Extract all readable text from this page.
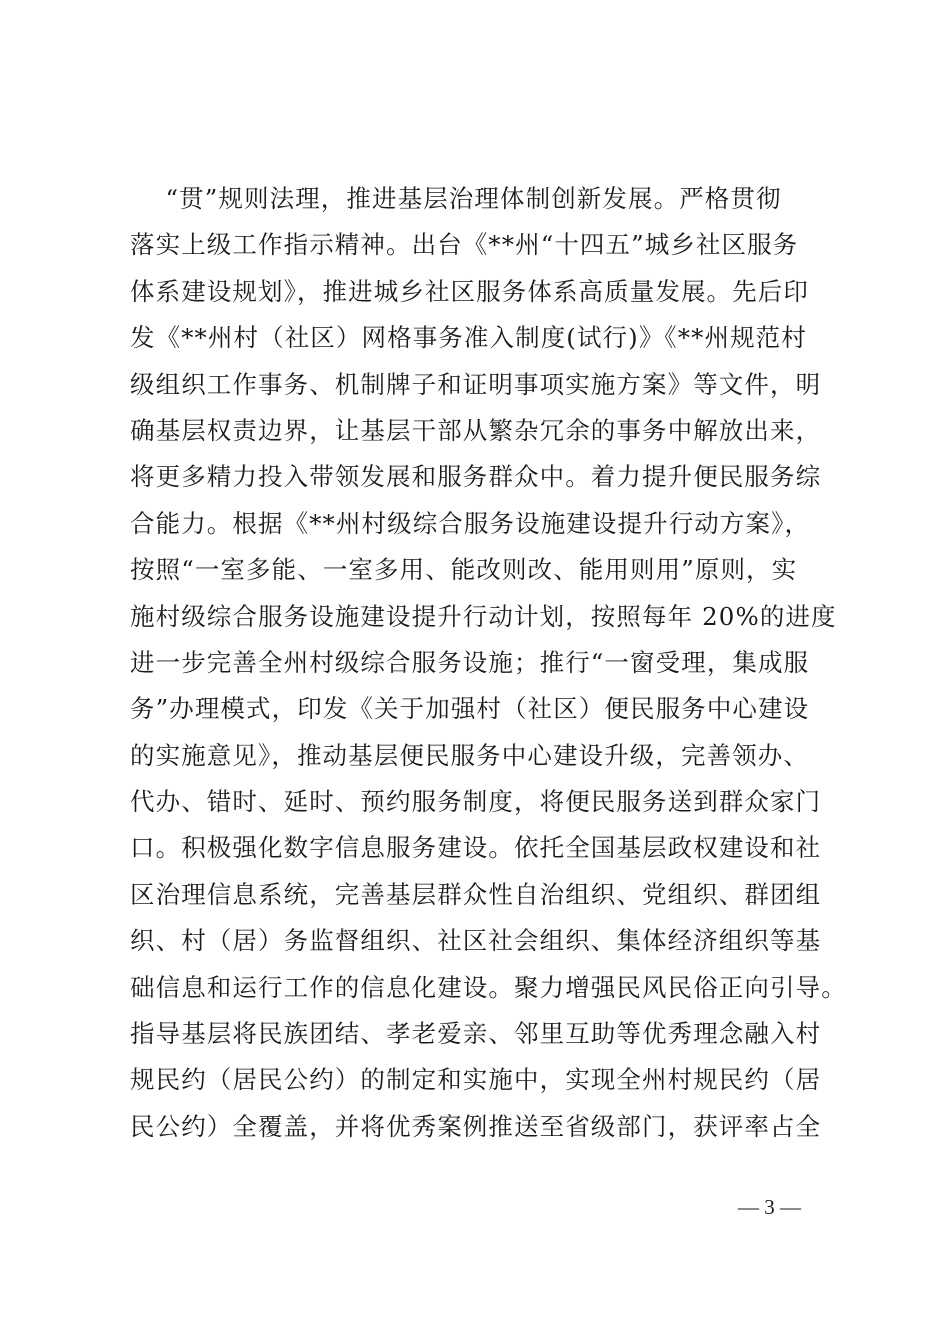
“贯”规则法理，推进基层治理体制创新发展。严格贯彻
落实上级工作指示精神。出台《**州“十四五”城乡社区服务
体系建设规划》，推进城乡社区服务体系高质量发展。先后印
发《**州村（社区）网格事务准入制度(试行)》《**州规范村
级组织工作事务、机制牌子和证明事项实施方案》等文件，明
确基层权责边界，让基层干部从繁杂冗余的事务中解放出来，
将更多精力投入带领发展和服务群众中。着力提升便民服务综
合能力。根据《**州村级综合服务设施建设提升行动方案》，
按照“一室多能、一室多用、能改则改、能用则用”原则，实
施村级综合服务设施建设提升行动计划，按照每年 20%的进度
进一步完善全州村级综合服务设施；推行“一窗受理，集成服
务”办理模式，印发《关于加强村（社区）便民服务中心建设
的实施意见》，推动基层便民服务中心建设升级，完善领办、
代办、错时、延时、预约服务制度，将便民服务送到群众家门
口。积极强化数字信息服务建设。依托全国基层政权建设和社
区治理信息系统，完善基层群众性自治组织、党组织、群团组
织、村（居）务监督组织、社区社会组织、集体经济组织等基
础信息和运行工作的信息化建设。聚力增强民风民俗正向引导。
指导基层将民族团结、孝老爱亲、邻里互助等优秀理念融入村
规民约（居民公约）的制定和实施中，实现全州村规民约（居
民公约）全覆盖，并将优秀案例推送至省级部门，获评率占全
— 3 —
